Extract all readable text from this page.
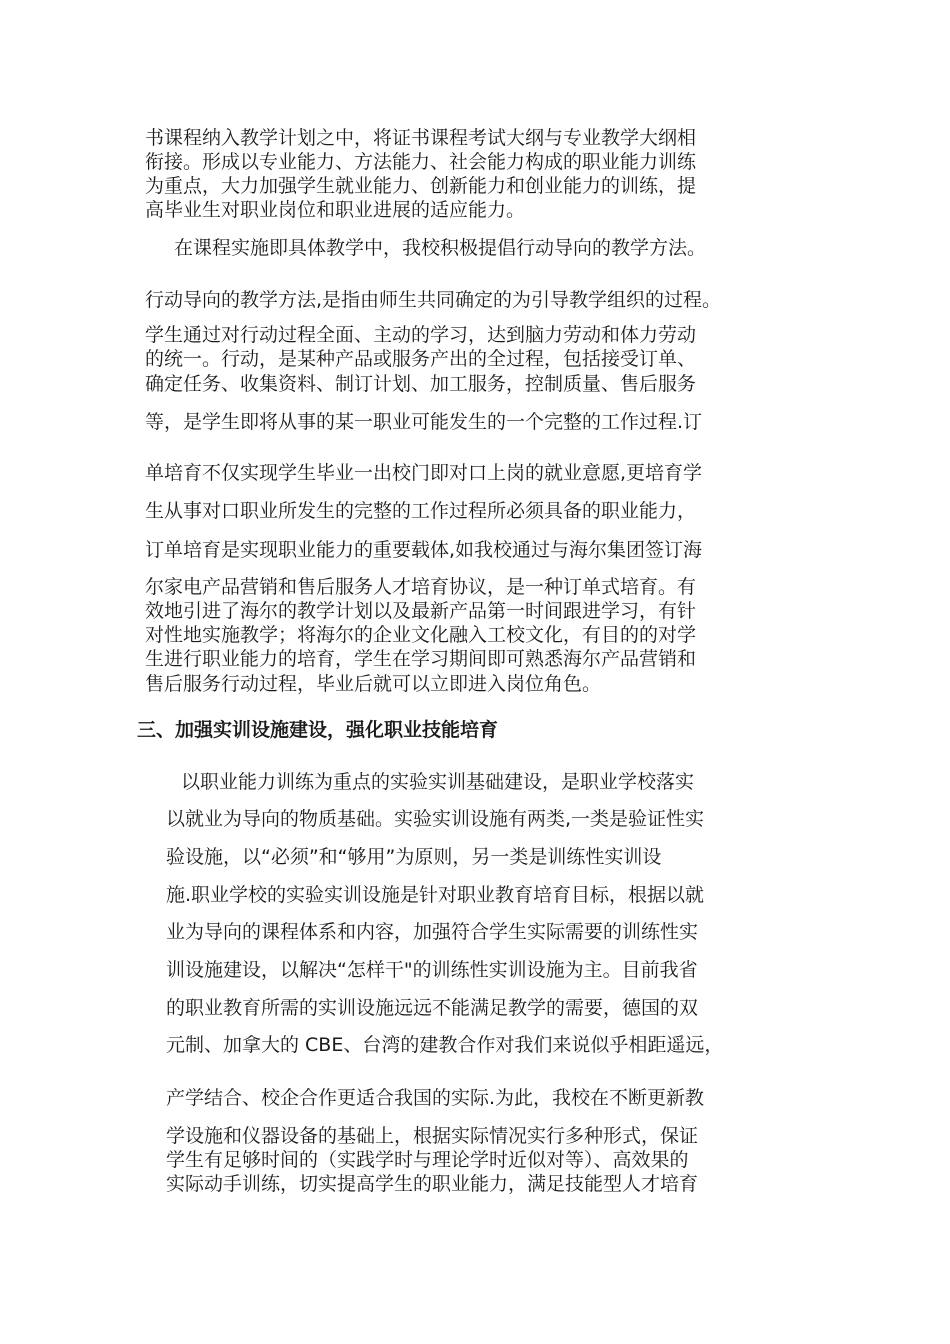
书课程纳入教学计划之中，将证书课程考试大纲与专业教学大纲相

衔接。形成以专业能力、方法能力、社会能力构成的职业能力训练

为重点，大力加强学生就业能力、创新能力和创业能力的训练，提

高毕业生对职业岗位和职业进展的适应能力。

在课程实施即具体教学中，我校积极提倡行动导向的教学方法。

行动导向的教学方法,是指由师生共同确定的为引导教学组织的过程。

学生通过对行动过程全面、主动的学习，达到脑力劳动和体力劳动

的统一。行动，是某种产品或服务产出的全过程，包括接受订单、

确定任务、收集资料、制订计划、加工服务，控制质量、售后服务

等，是学生即将从事的某一职业可能发生的一个完整的工作过程.订

单培育不仅实现学生毕业一出校门即对口上岗的就业意愿,更培育学

生从事对口职业所发生的完整的工作过程所必须具备的职业能力，

订单培育是实现职业能力的重要载体,如我校通过与海尔集团签订海

尔家电产品营销和售后服务人才培育协议，是一种订单式培育。有

效地引进了海尔的教学计划以及最新产品第一时间跟进学习，有针

对性地实施教学；将海尔的企业文化融入工校文化，有目的的对学

生进行职业能力的培育，学生在学习期间即可熟悉海尔产品营销和

售后服务行动过程，毕业后就可以立即进入岗位角色。

三、加强实训设施建设，强化职业技能培育

以职业能力训练为重点的实验实训基础建设，是职业学校落实

以就业为导向的物质基础。实验实训设施有两类,一类是验证性实

验设施，以“必须”和“够用”为原则，另一类是训练性实训设

施.职业学校的实验实训设施是针对职业教育培育目标，根据以就

业为导向的课程体系和内容，加强符合学生实际需要的训练性实

训设施建设，以解决“怎样干"的训练性实训设施为主。目前我省

的职业教育所需的实训设施远远不能满足教学的需要，德国的双

元制、加拿大的 CBE、台湾的建教合作对我们来说似乎相距遥远，

产学结合、校企合作更适合我国的实际.为此，我校在不断更新教

学设施和仪器设备的基础上，根据实际情况实行多种形式，保证

学生有足够时间的（实践学时与理论学时近似对等）、高效果的

实际动手训练，切实提高学生的职业能力，满足技能型人才培育
